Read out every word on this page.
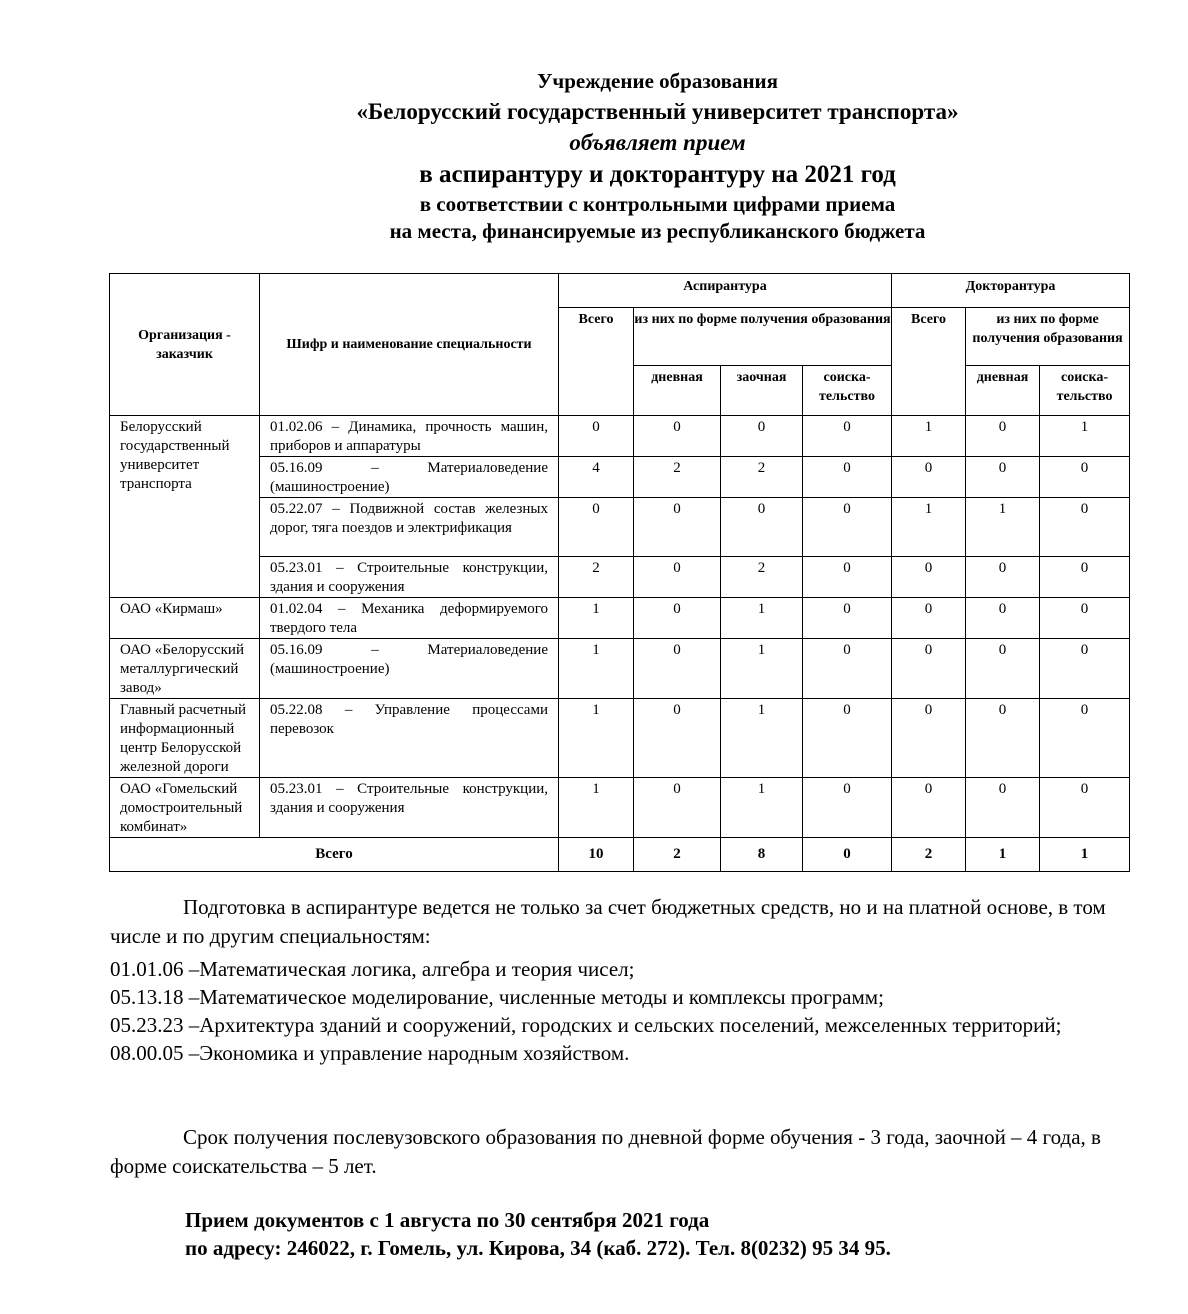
Учреждение образования
«Белорусский государственный университет транспорта»
объявляет прием
в аспирантуру и докторантуру на 2021 год
в соответствии с контрольными цифрами приема
на места, финансируемые из республиканского бюджета
Организация - заказчик	Шифр и наименование специальности	Аспирантура				Докторантура		
		Всего	из них по форме получения образования			Всего	из них по форме получения образования	
			дневная	заочная	соиска-тельство		дневная	соиска-тельство
Белорусский государственный университет транспорта	01.02.06 – Динамика, прочность машин, приборов и аппаратуры	0	0	0	0	1	0	1
	05.16.09 – Материаловедение (машиностроение)	4	2	2	0	0	0	0
	05.22.07 – Подвижной состав железных дорог, тяга поездов и электрификация	0	0	0	0	1	1	0
	05.23.01 – Строительные конструкции, здания и сооружения	2	0	2	0	0	0	0
ОАО «Кирмаш»	01.02.04 – Механика деформируемого твердого тела	1	0	1	0	0	0	0
ОАО «Белорусский металлургический завод»	05.16.09 – Материаловедение (машиностроение)	1	0	1	0	0	0	0
Главный расчетный информационный центр Белорусской железной дороги	05.22.08 – Управление процессами перевозок	1	0	1	0	0	0	0
ОАО «Гомельский домостроительный комбинат»	05.23.01 – Строительные конструкции, здания и сооружения	1	0	1	0	0	0	0
Всего		10	2	8	0	2	1	1
Подготовка в аспирантуре ведется не только за счет бюджетных средств, но и на платной основе, в том числе и по другим специальностям:
01.01.06 – Математическая логика, алгебра и теория чисел;
05.13.18 – Математическое моделирование, численные методы и комплексы программ;
05.23.23 – Архитектура зданий и сооружений, городских и сельских поселений, межселенных территорий;
08.00.05 – Экономика и управление народным хозяйством.
Срок получения послевузовского образования по дневной форме обучения - 3 года, заочной – 4 года, в форме соискательства – 5 лет.
Прием документов с 1 августа по 30 сентября 2021 года
по адресу: 246022, г. Гомель, ул. Кирова, 34 (каб. 272). Тел. 8(0232) 95 34 95.
